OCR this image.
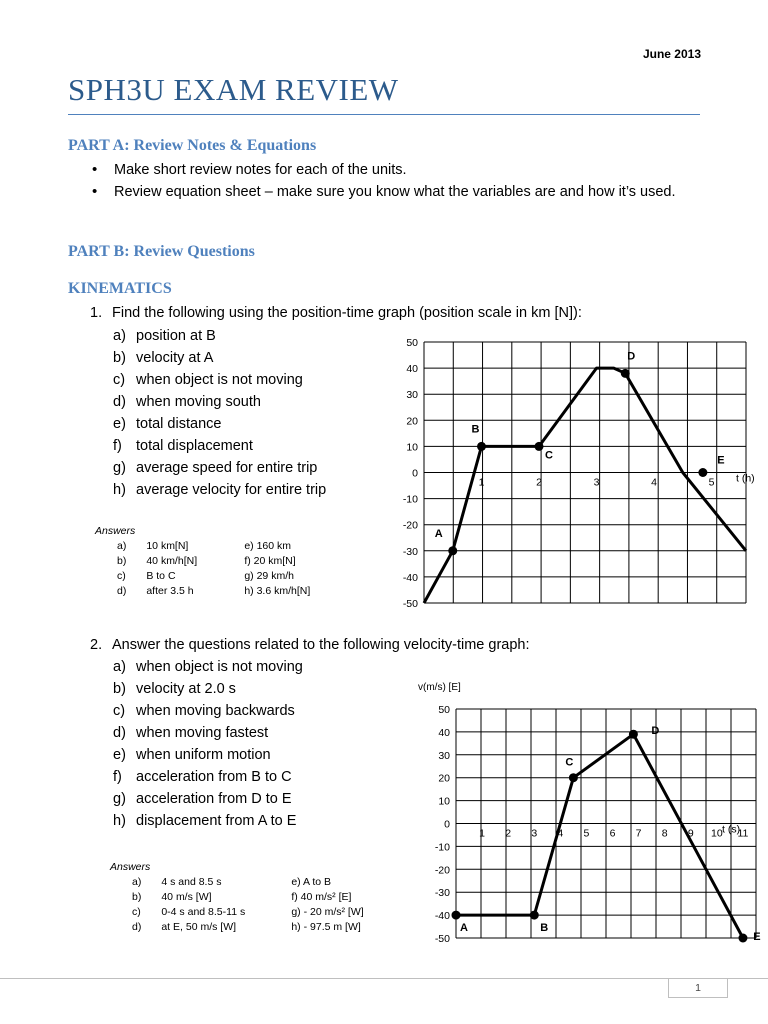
June 2013
SPH3U EXAM REVIEW
PART A: Review Notes & Equations
• Make short review notes for each of the units.
• Review equation sheet – make sure you know what the variables are and how it’s used.
PART B: Review Questions
KINEMATICS
1. Find the following using the position-time graph (position scale in km [N]):
a) position at B
b) velocity at A
c) when object is not moving
d) when moving south
e) total distance
f) total displacement
g) average speed for entire trip
h) average velocity for entire trip
Answers
a)	10 km[N]	e) 160 km
b)	40 km/h[N]	f) 20 km[N]
c)	B to C	g) 29 km/h
d)	after 3.5 h	h) 3.6 km/h[N]
50
40
30
20
10
0
-10
-20
-30
-40
-50
1	2	3	4	5 t (h)
A
B
C
D
E
2. Answer the questions related to the following velocity-time graph:
a) when object is not moving
b) velocity at 2.0 s
c) when moving backwards
d) when moving fastest
e) when uniform motion
f) acceleration from B to C
g) acceleration from D to E
h) displacement from A to E
Answers
a)	4 s and 8.5 s	e) A to B
b)	40 m/s [W]	f) 40 m/s² [E]
c)	0-4 s and 8.5-11 s	g) - 20 m/s² [W]
d)	at E, 50 m/s [W]	h) - 97.5 m [W]
50
40
30
20
10
0
-10
-20
-30
-40
-50
1 2 3 4 5 6 7 8 9 10 11
t (s)
v(m/s) [E]
A	B
C
D
E
1
